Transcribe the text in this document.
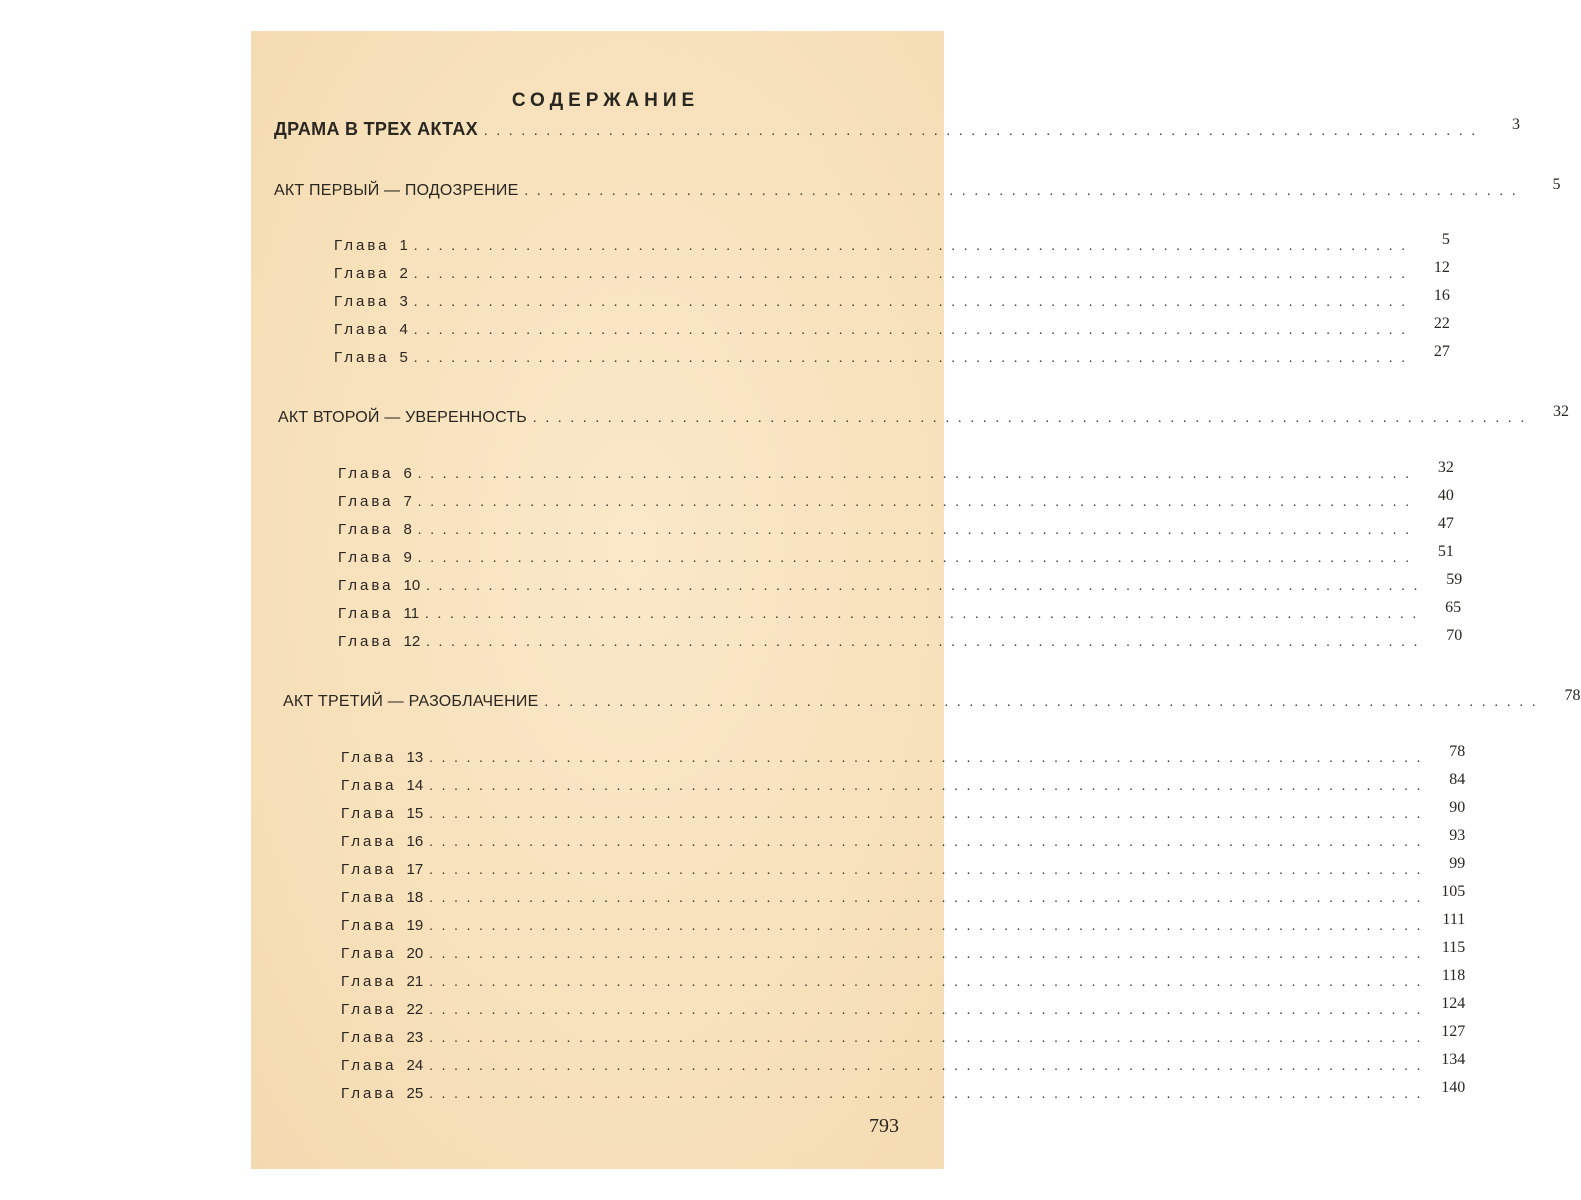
СОДЕРЖАНИЕ
ДРАМА В ТРЕХ АКТАХ ................................................................................	3
АКТ ПЕРВЫЙ — ПОДОЗРЕНИЕ ................................................................................	5
Глава 1 ................................................................................	5
Глава 2 ................................................................................	12
Глава 3 ................................................................................	16
Глава 4 ................................................................................	22
Глава 5 ................................................................................	27
АКТ ВТОРОЙ — УВЕРЕННОСТЬ ................................................................................	32
Глава 6 ................................................................................	32
Глава 7 ................................................................................	40
Глава 8 ................................................................................	47
Глава 9 ................................................................................	51
Глава 10 ................................................................................	59
Глава 11 ................................................................................	65
Глава 12 ................................................................................	70
АКТ ТРЕТИЙ — РАЗОБЛАЧЕНИЕ ................................................................................	78
Глава 13 ................................................................................	78
Глава 14 ................................................................................	84
Глава 15 ................................................................................	90
Глава 16 ................................................................................	93
Глава 17 ................................................................................	99
Глава 18 ................................................................................ 105
Глава 19 ................................................................................ 111
Глава 20 ................................................................................ 115
Глава 21 ................................................................................ 118
Глава 22 ................................................................................ 124
Глава 23 ................................................................................ 127
Глава 24 ................................................................................ 134
Глава 25 ................................................................................ 140
793
